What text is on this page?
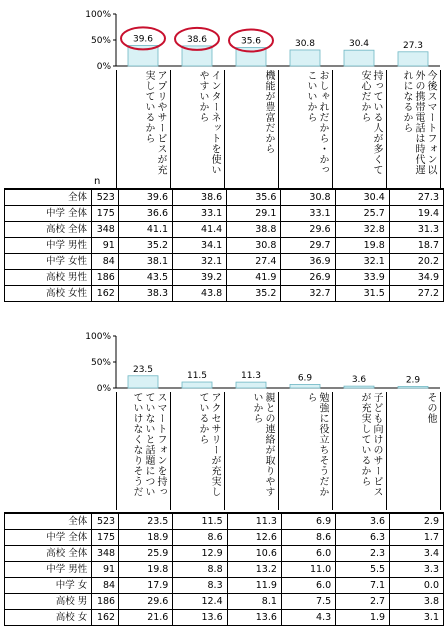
100%
50%
0%
39.6	38.6	35.6	30.8	30.4	27.3
アプリやサービスが充実しているから	インターネットを使いやすいから	機能が豊富だから	おしゃれだから・かっこいいから	持っている人が多くて安心だから	今後スマートフォン以外の携帯電話は時代遅れになるから
n
全体	523	39.6	38.6	35.6	30.8	30.4	27.3
中学 全体	175	36.6	33.1	29.1	33.1	25.7	19.4
高校 全体	348	41.1	41.4	38.8	29.6	32.8	31.3
中学 男性	91	35.2	34.1	30.8	29.7	19.8	18.7
中学 女性	84	38.1	32.1	27.4	36.9	32.1	20.2
高校 男性	186	43.5	39.2	41.9	26.9	33.9	34.9
高校 女性	162	38.3	43.8	35.2	32.7	31.5	27.2
100%
50%
0%
23.5
11.5	11.3	6.9	3.6	2.9
スマートフォンを持っていないと話題についていけなくなりそうだ	アクセサリーが充実しているから	親との連絡が取りやすいから	勉強に役立ちそうだから	子ども向けのサービスが充実しているから	その他
全体	523	23.5	11.5	11.3	6.9	3.6	2.9
中学 全体	175	18.9	8.6	12.6	8.6	6.3	1.7
高校 全体	348	25.9	12.9	10.6	6.0	2.3	3.4
中学 男性	91	19.8	8.8	13.2	11.0	5.5	3.3
中学 女	84	17.9	8.3	11.9	6.0	7.1	0.0
高校 男	186	29.6	12.4	8.1	7.5	2.7	3.8
高校 女	162	21.6	13.6	13.6	4.3	1.9	3.1
